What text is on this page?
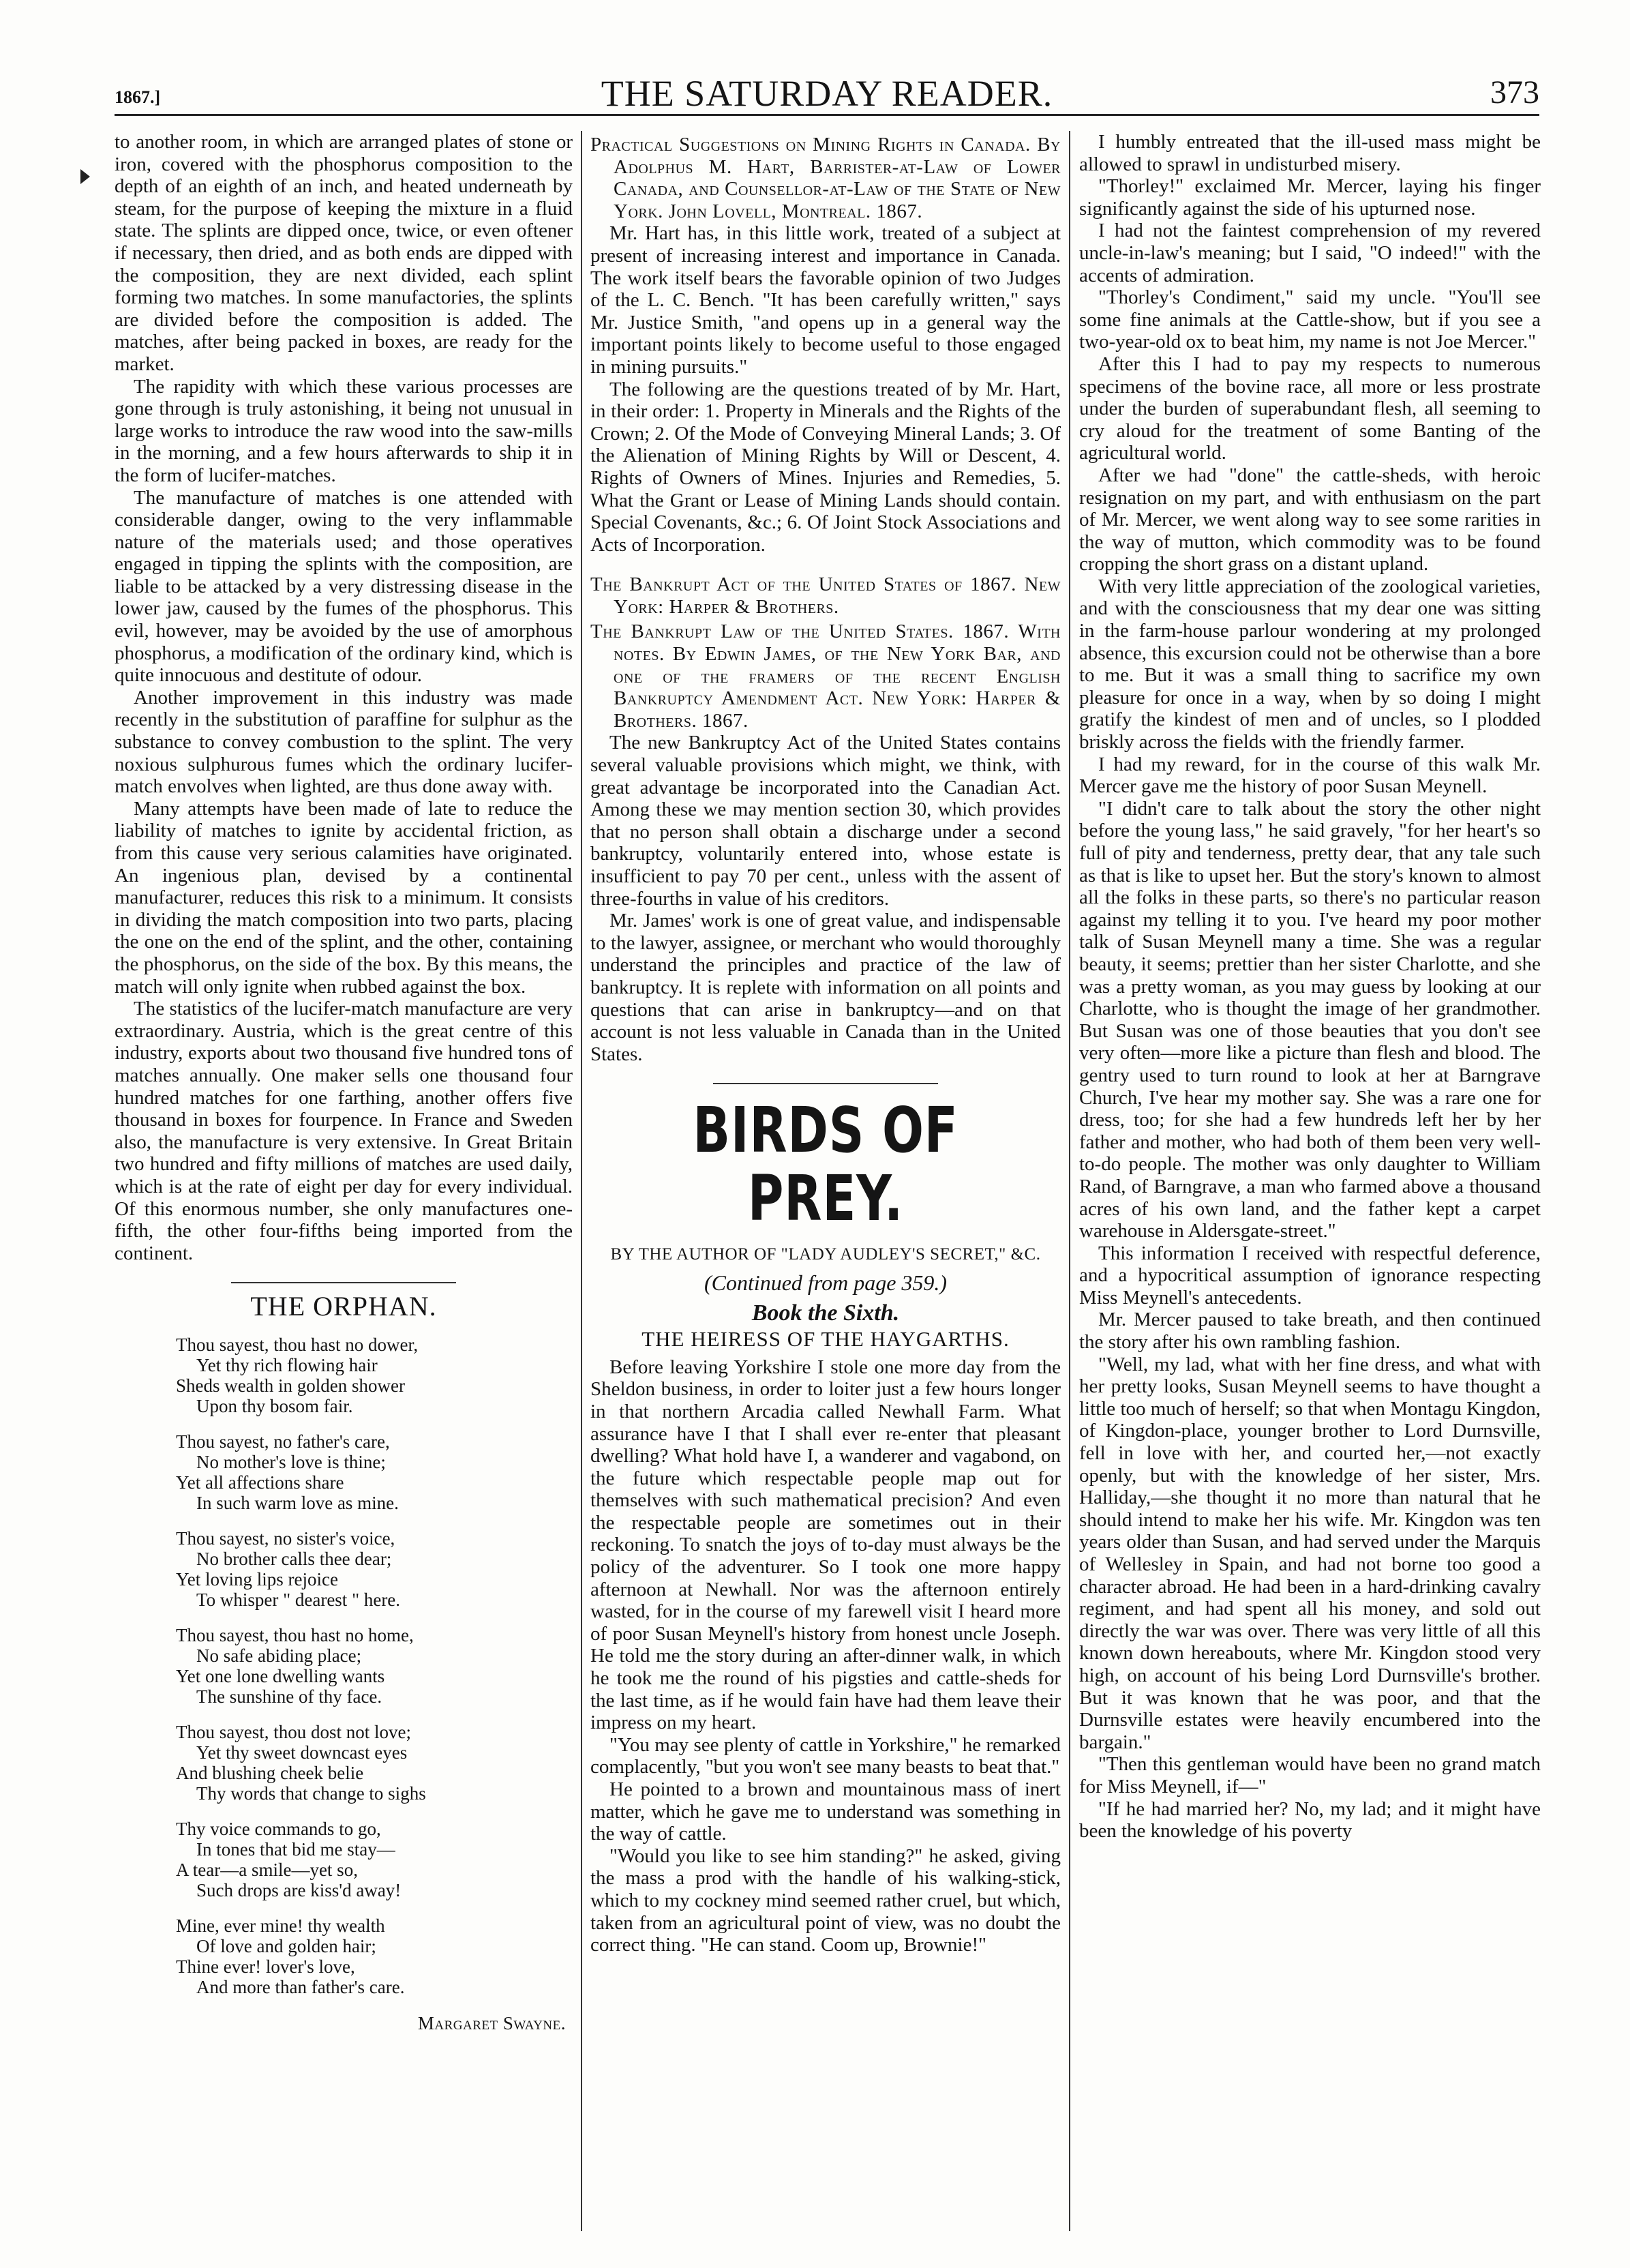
1867.]	THE SATURDAY READER.	373

to another room, in which are arranged plates of stone or iron, covered with the phosphorus composition to the depth of an eighth of an inch, and heated underneath by steam, for the purpose of keeping the mixture in a fluid state. The splints are dipped once, twice, or even oftener if necessary, then dried, and as both ends are dipped with the composition, they are next divided, each splint forming two matches. In some manufactories, the splints are divided before the composition is added. The matches, after being packed in boxes, are ready for the market.

The rapidity with which these various processes are gone through is truly astonishing, it being not unusual in large works to introduce the raw wood into the saw-mills in the morning, and a few hours afterwards to ship it in the form of lucifer-matches.

The manufacture of matches is one attended with considerable danger, owing to the very inflammable nature of the materials used; and those operatives engaged in tipping the splints with the composition, are liable to be attacked by a very distressing disease in the lower jaw, caused by the fumes of the phosphorus. This evil, however, may be avoided by the use of amorphous phosphorus, a modification of the ordinary kind, which is quite innocuous and destitute of odour.

Another improvement in this industry was made recently in the substitution of paraffine for sulphur as the substance to convey combustion to the splint. The very noxious sulphurous fumes which the ordinary lucifer-match envolves when lighted, are thus done away with.

Many attempts have been made of late to reduce the liability of matches to ignite by accidental friction, as from this cause very serious calamities have originated. An ingenious plan, devised by a continental manufacturer, reduces this risk to a minimum. It consists in dividing the match composition into two parts, placing the one on the end of the splint, and the other, containing the phosphorus, on the side of the box. By this means, the match will only ignite when rubbed against the box.

The statistics of the lucifer-match manufacture are very extraordinary. Austria, which is the great centre of this industry, exports about two thousand five hundred tons of matches annually. One maker sells one thousand four hundred matches for one farthing, another offers five thousand in boxes for fourpence. In France and Sweden also, the manufacture is very extensive. In Great Britain two hundred and fifty millions of matches are used daily, which is at the rate of eight per day for every individual. Of this enormous number, she only manufactures one-fifth, the other four-fifths being imported from the continent.

THE ORPHAN.
Thou sayest, thou hast no dower,
Yet thy rich flowing hair
Sheds wealth in golden shower
Upon thy bosom fair.
Thou sayest, no father's care,
No mother's love is thine;
Yet all affections share
In such warm love as mine.
Thou sayest, no sister's voice,
No brother calls thee dear;
Yet loving lips rejoice
To whisper " dearest " here.
Thou sayest, thou hast no home,
No safe abiding place;
Yet one lone dwelling wants
The sunshine of thy face.
Thou sayest, thou dost not love;
Yet thy sweet downcast eyes
And blushing cheek belie
Thy words that change to sighs
Thy voice commands to go,
In tones that bid me stay—
A tear—a smile—yet so,
Such drops are kiss'd away!
Mine, ever mine! thy wealth
Of love and golden hair;
Thine ever! lover's love,
And more than father's care.
Margaret Swayne.

Practical Suggestions on Mining Rights in Canada. By Adolphus M. Hart, Barrister-at-Law of Lower Canada, and Counsellor-at-Law of the State of New York. John Lovell, Montreal. 1867.

Mr. Hart has, in this little work, treated of a subject at present of increasing interest and importance in Canada. The work itself bears the favorable opinion of two Judges of the L. C. Bench. "It has been carefully written," says Mr. Justice Smith, "and opens up in a general way the important points likely to become useful to those engaged in mining pursuits."

The following are the questions treated of by Mr. Hart, in their order: 1. Property in Minerals and the Rights of the Crown; 2. Of the Mode of Conveying Mineral Lands; 3. Of the Alienation of Mining Rights by Will or Descent, 4. Rights of Owners of Mines. Injuries and Remedies, 5. What the Grant or Lease of Mining Lands should contain. Special Covenants, &c.; 6. Of Joint Stock Associations and Acts of Incorporation.

The Bankrupt Act of the United States of 1867. New York: Harper & Brothers.

The Bankrupt Law of the United States. 1867. With notes. By Edwin James, of the New York Bar, and one of the framers of the recent English Bankruptcy Amendment Act. New York: Harper & Brothers. 1867.

The new Bankruptcy Act of the United States contains several valuable provisions which might, we think, with great advantage be incorporated into the Canadian Act. Among these we may mention section 30, which provides that no person shall obtain a discharge under a second bankruptcy, voluntarily entered into, whose estate is insufficient to pay 70 per cent., unless with the assent of three-fourths in value of his creditors.

Mr. James' work is one of great value, and indispensable to the lawyer, assignee, or merchant who would thoroughly understand the principles and practice of the law of bankruptcy. It is replete with information on all points and questions that can arise in bankruptcy—and on that account is not less valuable in Canada than in the United States.

BIRDS OF PREY.
BY THE AUTHOR OF "LADY AUDLEY'S SECRET," &C.
(Continued from page 359.)
Book the Sixth.
THE HEIRESS OF THE HAYGARTHS.

Before leaving Yorkshire I stole one more day from the Sheldon business, in order to loiter just a few hours longer in that northern Arcadia called Newhall Farm. What assurance have I that I shall ever re-enter that pleasant dwelling? What hold have I, a wanderer and vagabond, on the future which respectable people map out for themselves with such mathematical precision? And even the respectable people are sometimes out in their reckoning. To snatch the joys of to-day must always be the policy of the adventurer. So I took one more happy afternoon at Newhall. Nor was the afternoon entirely wasted, for in the course of my farewell visit I heard more of poor Susan Meynell's history from honest uncle Joseph. He told me the story during an after-dinner walk, in which he took me the round of his pigsties and cattle-sheds for the last time, as if he would fain have had them leave their impress on my heart.

"You may see plenty of cattle in Yorkshire," he remarked complacently, "but you won't see many beasts to beat that."

He pointed to a brown and mountainous mass of inert matter, which he gave me to understand was something in the way of cattle.

"Would you like to see him standing?" he asked, giving the mass a prod with the handle of his walking-stick, which to my cockney mind seemed rather cruel, but which, taken from an agricultural point of view, was no doubt the correct thing. "He can stand. Coom up, Brownie!"

I humbly entreated that the ill-used mass might be allowed to sprawl in undisturbed misery.

"Thorley!" exclaimed Mr. Mercer, laying his finger significantly against the side of his upturned nose.

I had not the faintest comprehension of my revered uncle-in-law's meaning; but I said, "O indeed!" with the accents of admiration.

"Thorley's Condiment," said my uncle. "You'll see some fine animals at the Cattle-show, but if you see a two-year-old ox to beat him, my name is not Joe Mercer."

After this I had to pay my respects to numerous specimens of the bovine race, all more or less prostrate under the burden of superabundant flesh, all seeming to cry aloud for the treatment of some Banting of the agricultural world.

After we had "done" the cattle-sheds, with heroic resignation on my part, and with enthusiasm on the part of Mr. Mercer, we went along way to see some rarities in the way of mutton, which commodity was to be found cropping the short grass on a distant upland.

With very little appreciation of the zoological varieties, and with the consciousness that my dear one was sitting in the farm-house parlour wondering at my prolonged absence, this excursion could not be otherwise than a bore to me. But it was a small thing to sacrifice my own pleasure for once in a way, when by so doing I might gratify the kindest of men and of uncles, so I plodded briskly across the fields with the friendly farmer.

I had my reward, for in the course of this walk Mr. Mercer gave me the history of poor Susan Meynell.

"I didn't care to talk about the story the other night before the young lass," he said gravely, "for her heart's so full of pity and tenderness, pretty dear, that any tale such as that is like to upset her. But the story's known to almost all the folks in these parts, so there's no particular reason against my telling it to you. I've heard my poor mother talk of Susan Meynell many a time. She was a regular beauty, it seems; prettier than her sister Charlotte, and she was a pretty woman, as you may guess by looking at our Charlotte, who is thought the image of her grandmother. But Susan was one of those beauties that you don't see very often—more like a picture than flesh and blood. The gentry used to turn round to look at her at Barngrave Church, I've hear my mother say. She was a rare one for dress, too; for she had a few hundreds left her by her father and mother, who had both of them been very well-to-do people. The mother was only daughter to William Rand, of Barngrave, a man who farmed above a thousand acres of his own land, and the father kept a carpet warehouse in Aldersgate-street."

This information I received with respectful deference, and a hypocritical assumption of ignorance respecting Miss Meynell's antecedents.

Mr. Mercer paused to take breath, and then continued the story after his own rambling fashion.

"Well, my lad, what with her fine dress, and what with her pretty looks, Susan Meynell seems to have thought a little too much of herself; so that when Montagu Kingdon, of Kingdon-place, younger brother to Lord Durnsville, fell in love with her, and courted her,—not exactly openly, but with the knowledge of her sister, Mrs. Halliday,—she thought it no more than natural that he should intend to make her his wife. Mr. Kingdon was ten years older than Susan, and had served under the Marquis of Wellesley in Spain, and had not borne too good a character abroad. He had been in a hard-drinking cavalry regiment, and had spent all his money, and sold out directly the war was over. There was very little of all this known down hereabouts, where Mr. Kingdon stood very high, on account of his being Lord Durnsville's brother. But it was known that he was poor, and that the Durnsville estates were heavily encumbered into the bargain."

"Then this gentleman would have been no grand match for Miss Meynell, if—"

"If he had married her? No, my lad; and it might have been the knowledge of his poverty
